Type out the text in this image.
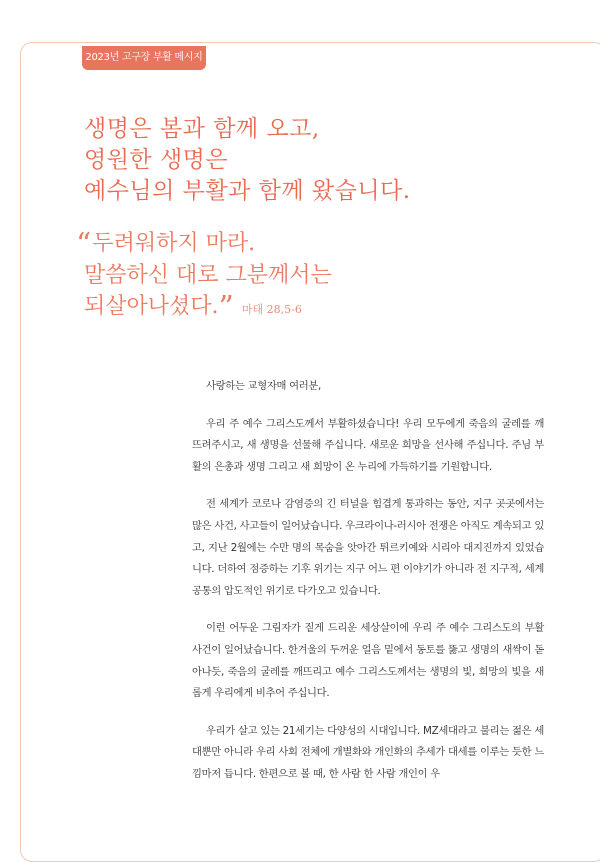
2023년 고구장 부활 메시지
생명은 봄과 함께 오고,
영원한 생명은
예수님의 부활과 함께 왔습니다.
“두려워하지 마라.
말씀하신 대로 그분께서는
되살아나셨다.” 마태 28,5-6

사랑하는 교형자매 여러분,

우리 주 예수 그리스도께서 부활하셨습니다! 우리 모두에게 죽음의 굴레를 깨뜨려주시고, 새 생명을 선물해 주십니다. 새로운 희망을 선사해 주십니다. 주님 부활의 은총과 생명 그리고 새 희망이 온 누리에 가득하기를 기원합니다.

전 세계가 코로나 감염증의 긴 터널을 힘겹게 통과하는 동안, 지구 곳곳에서는 많은 사건, 사고들이 일어났습니다. 우크라이나-러시아 전쟁은 아직도 계속되고 있고, 지난 2월에는 수만 명의 목숨을 앗아간 튀르키예와 시리아 대지진까지 있었습니다. 더하여 점증하는 기후 위기는 지구 어느 편 이야기가 아니라 전 지구적, 세계 공통의 압도적인 위기로 다가오고 있습니다.

이런 어두운 그림자가 짙게 드리운 세상살이에 우리 주 예수 그리스도의 부활 사건이 일어났습니다. 한겨울의 두꺼운 얼음 밑에서 동토를 뚫고 생명의 새싹이 돋아나듯, 죽음의 굴레를 깨뜨리고 예수 그리스도께서는 생명의 빛, 희망의 빛을 새롭게 우리에게 비추어 주십니다.

우리가 살고 있는 21세기는 다양성의 시대입니다. MZ세대라고 불리는 젊은 세대뿐만 아니라 우리 사회 전체에 개별화와 개인화의 추세가 대세를 이루는 듯한 느낌마저 듭니다. 한편으로 볼 때, 한 사람 한 사람 개인이 우
